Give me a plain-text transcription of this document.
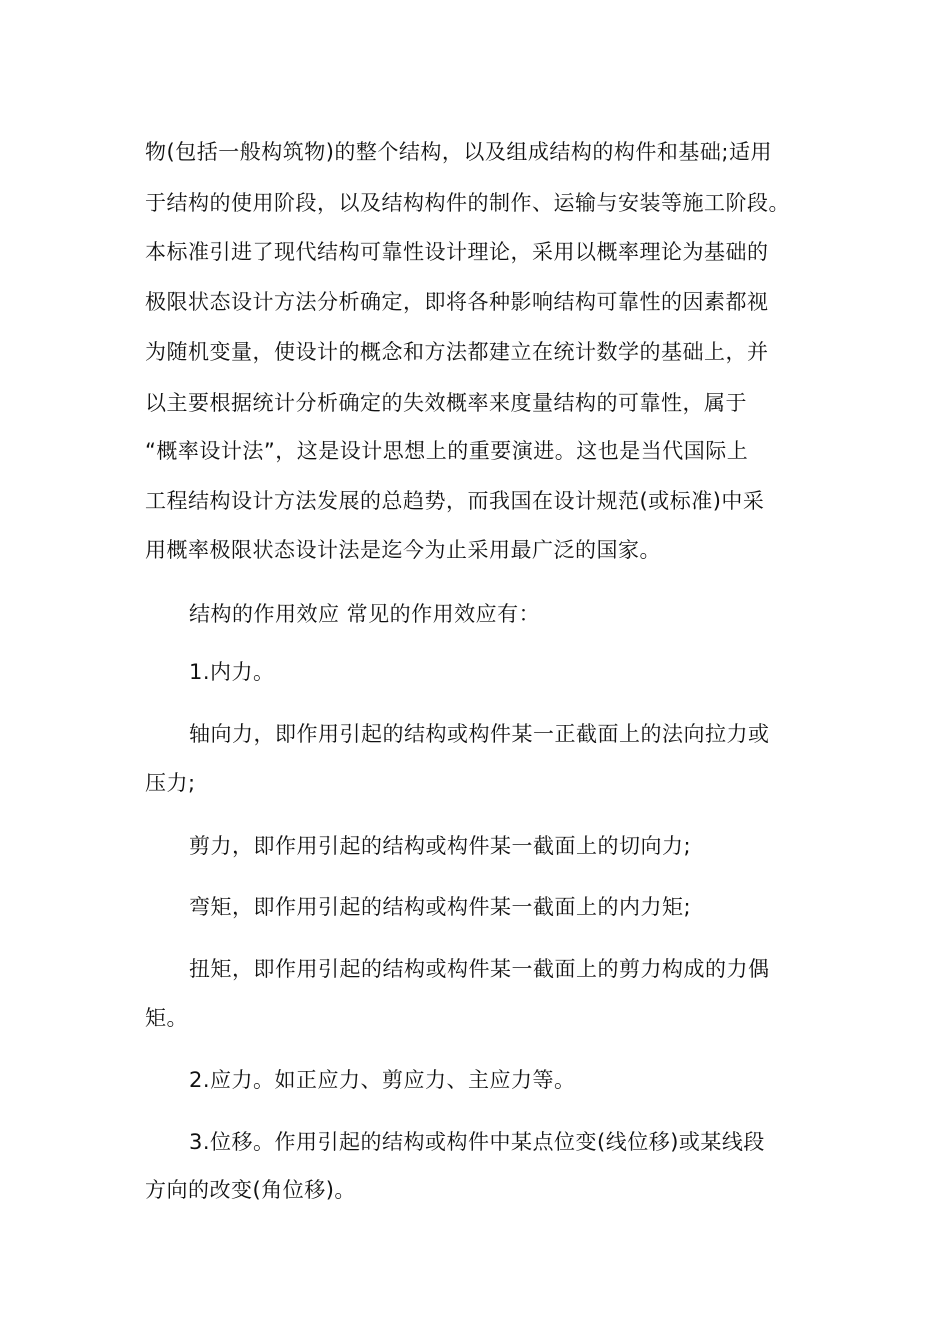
物(包括一般构筑物)的整个结构，以及组成结构的构件和基础;适用
于结构的使用阶段，以及结构构件的制作、运输与安装等施工阶段。
本标准引进了现代结构可靠性设计理论，采用以概率理论为基础的
极限状态设计方法分析确定，即将各种影响结构可靠性的因素都视
为随机变量，使设计的概念和方法都建立在统计数学的基础上，并
以主要根据统计分析确定的失效概率来度量结构的可靠性，属于
“概率设计法”，这是设计思想上的重要演进。这也是当代国际上
工程结构设计方法发展的总趋势，而我国在设计规范(或标准)中采
用概率极限状态设计法是迄今为止采用最广泛的国家。
结构的作用效应 常见的作用效应有：
1.内力。
轴向力，即作用引起的结构或构件某一正截面上的法向拉力或
压力;
剪力，即作用引起的结构或构件某一截面上的切向力;
弯矩，即作用引起的结构或构件某一截面上的内力矩;
扭矩，即作用引起的结构或构件某一截面上的剪力构成的力偶
矩。
2.应力。如正应力、剪应力、主应力等。
3.位移。作用引起的结构或构件中某点位变(线位移)或某线段
方向的改变(角位移)。
